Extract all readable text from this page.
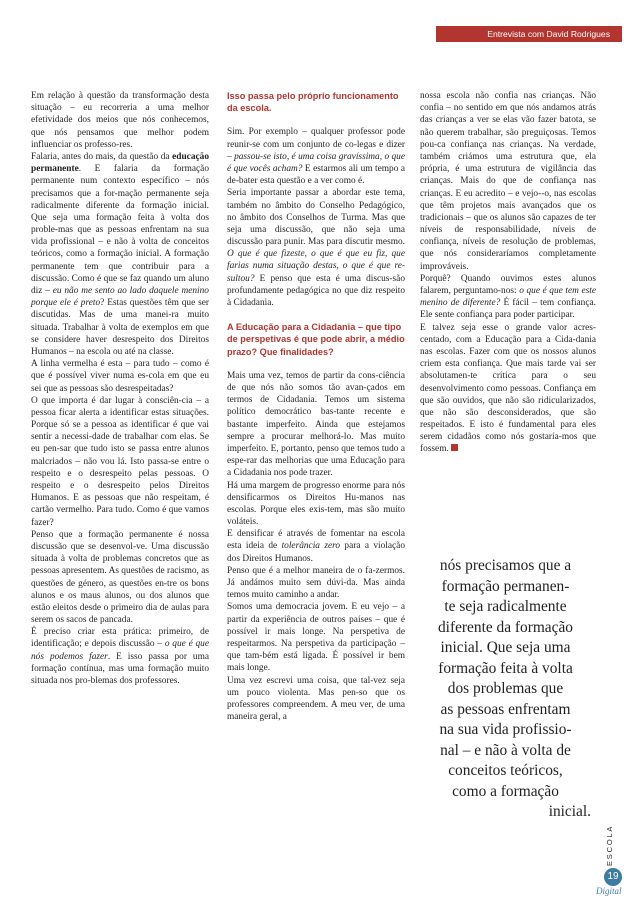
Entrevista com David Rodrigues

Em relação à questão da transformação desta situação – eu recorreria a uma melhor efetividade dos meios que nós conhecemos, que nós pensamos que melhor podem influenciar os professo-res.

Falaria, antes do mais, da questão da educação permanente. E falaria da formação permanente num contexto específico – nós precisamos que a for-mação permanente seja radicalmente diferente da formação inicial. Que seja uma formação feita à volta dos proble-mas que as pessoas enfrentam na sua vida profissional – e não à volta de conceitos teóricos, como a formação inicial. A formação permanente tem que contribuir para a discussão. Como é que se faz quando um aluno diz – eu não me sento ao lado daquele menino porque ele é preto? Estas questões têm que ser discutidas. Mas de uma manei-ra muito situada. Trabalhar à volta de exemplos em que se considere haver desrespeito dos Direitos Humanos – na escola ou até na classe.

A linha vermelha é esta – para tudo – como é que é possível viver numa es-cola em que eu sei que as pessoas são desrespeitadas?

O que importa é dar lugar à consciên-cia – a pessoa ficar alerta a identificar estas situações. Porque só se a pessoa as identificar é que vai sentir a necessi-dade de trabalhar com elas. Se eu pen-sar que tudo isto se passa entre alunos malcriados – não vou lá. Isto passa-se entre o respeito e o desrespeito pelas pessoas. O respeito e o desrespeito pelos Direitos Humanos. E as pessoas que não respeitam, é cartão vermelho. Para tudo. Como é que vamos fazer?

Penso que a formação permanente é nossa discussão que se desenvol-ve. Uma discussão situada à volta de problemas concretos que as pessoas apresentem. As questões de racismo, as questões de género, as questões en-tre os bons alunos e os maus alunos, ou dos alunos que estão eleitos desde o primeiro dia de aulas para serem os sacos de pancada.

É preciso criar esta prática: primeiro, de identificação; e depois discussão – o que é que nós podemos fazer. E isso passa por uma formação contínua, mas uma formação muito situada nos pro-blemas dos professores.

Isso passa pelo próprio funcionamento da escola.

Sim. Por exemplo – qualquer professor pode reunir-se com um conjunto de co-legas e dizer – passou-se isto, é uma coisa gravíssima, o que é que vocês acham? E estarmos ali um tempo a de-bater esta questão e a ver como é.

Seria importante passar a abordar este tema, também no âmbito do Conselho Pedagógico, no âmbito dos Conselhos de Turma. Mas que seja uma discussão, que não seja uma discussão para punir. Mas para discutir mesmo. O que é que fizeste, o que é que eu fiz, que farias numa situação destas, o que é que re-sultou? E penso que esta é uma discus-são profundamente pedagógica no que diz respeito à Cidadania.

A Educação para a Cidadania – que tipo de perspetivas é que pode abrir, a médio prazo? Que finalidades?

Mais uma vez, temos de partir da cons-ciência de que nós não somos tão avan-çados em termos de Cidadania. Temos um sistema político democrático bas-tante recente e bastante imperfeito. Ainda que estejamos sempre a procurar melhorá-lo. Mas muito imperfeito. E, portanto, penso que temos tudo a espe-rar das melhorias que uma Educação para a Cidadania nos pode trazer.

Há uma margem de progresso enorme para nós densificarmos os Direitos Hu-manos nas escolas. Porque eles exis-tem, mas são muito voláteis.

E densificar é através de fomentar na escola esta ideia de tolerância zero para a violação dos Direitos Humanos.

Penso que é a melhor maneira de o fa-zermos. Já andámos muito sem dúvi-da. Mas ainda temos muito caminho a andar.

Somos uma democracia jovem. E eu vejo – a partir da experiência de outros países – que é possível ir mais longe. Na perspetiva de respeitarmos. Na perspetiva da participação – que tam-bém está ligada. É possível ir bem mais longe.

Uma vez escrevi uma coisa, que tal-vez seja um pouco violenta. Mas pen-so que os professores compreendem. A meu ver, de uma maneira geral, a

nossa escola não confia nas crianças. Não confia – no sentido em que nós andamos atrás das crianças a ver se elas vão fazer batota, se não querem trabalhar, são preguiçosas. Temos pou-ca confiança nas crianças. Na verdade, também criámos uma estrutura que, ela própria, é uma estrutura de vigilância das crianças. Mais do que de confiança nas crianças. E eu acredito – e vejo--o, nas escolas que têm projetos mais avançados que os tradicionais – que os alunos são capazes de ter níveis de responsabilidade, níveis de confiança, níveis de resolução de problemas, que nós consideraríamos completamente improváveis.

Porquê? Quando ouvimos estes alunos falarem, perguntamo-nos: o que é que tem este menino de diferente? É fácil – tem confiança. Ele sente confiança para poder participar.

E talvez seja esse o grande valor acres-centado, com a Educação para a Cida-dania nas escolas. Fazer com que os nossos alunos criem esta confiança. Que mais tarde vai ser absolutamen-te crítica para o seu desenvolvimento como pessoas. Confiança em que são ouvidos, que não são ridicularizados, que não são desconsiderados, que são respeitados. E isto é fundamental para eles serem cidadãos como nós gostaría-mos que fossem.

nós precisamos que a
formação permanen-
te seja radicalmente
diferente da formação
inicial. Que seja uma
formação feita à volta
dos problemas que
as pessoas enfrentam
na sua vida profissio-
nal – e não à volta de
conceitos teóricos,
como a formação
inicial.
ESCOLA
19
Digital
